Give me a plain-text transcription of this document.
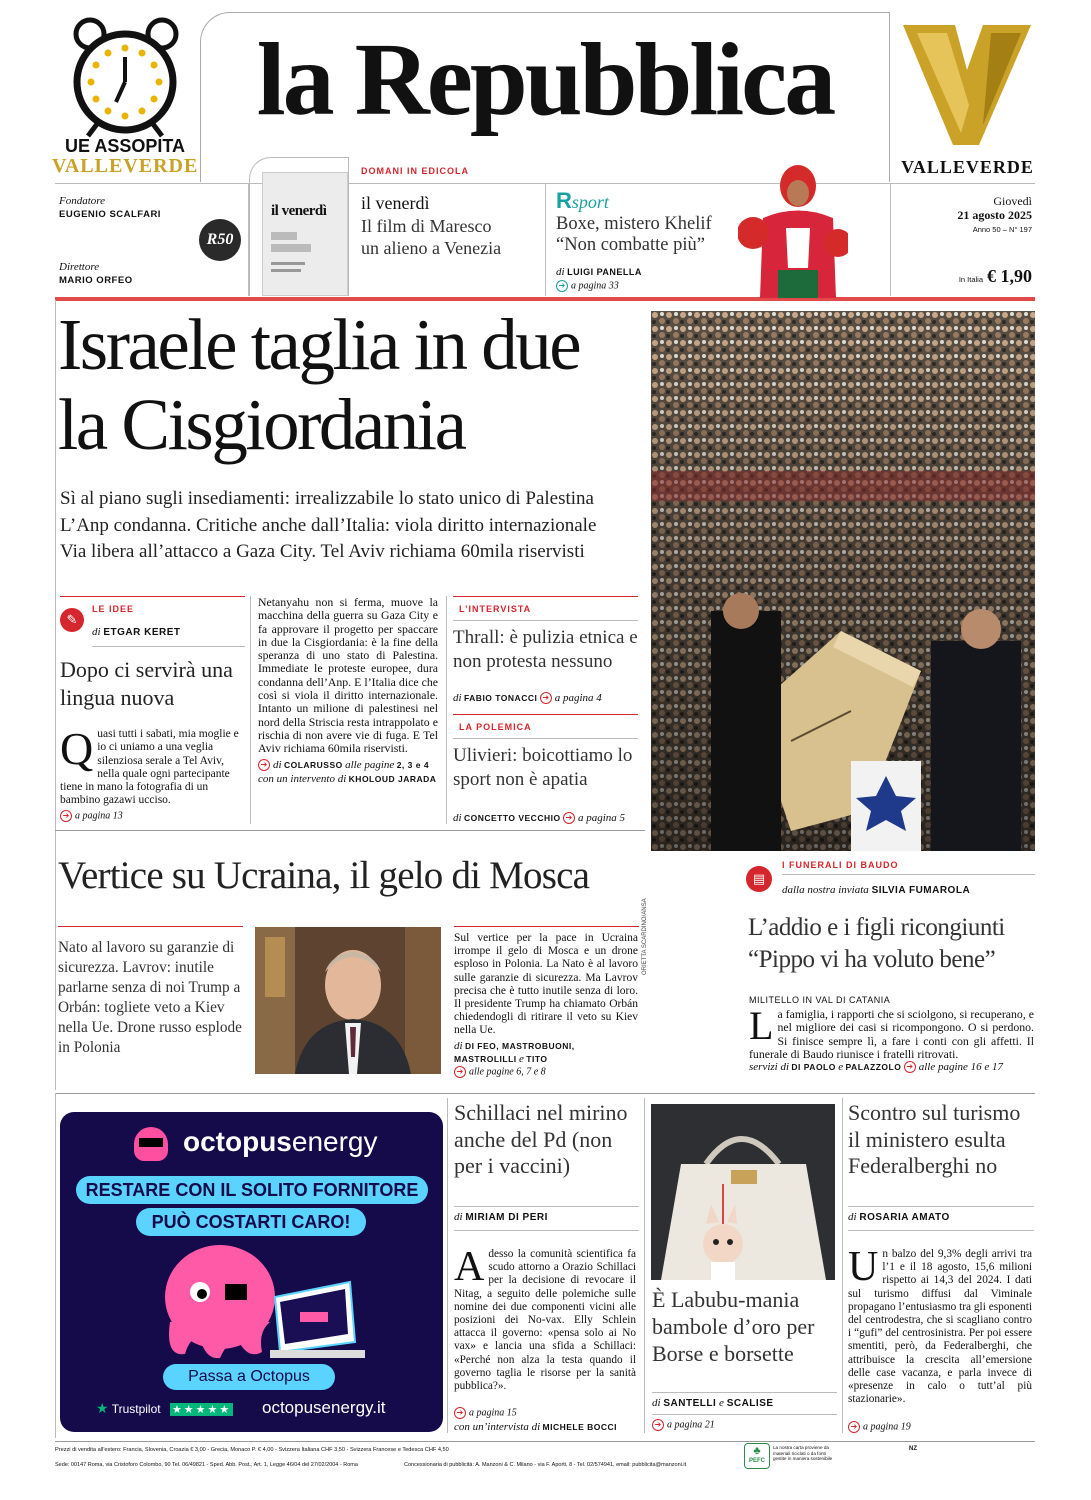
UE ASSOPITA
VALLEVERDE
la Repubblica
VALLEVERDE
Fondatore
EUGENIO SCALFARI
Direttore
MARIO ORFEO
R50
il venerdì
DOMANI IN EDICOLA
il venerdì
Il film di Maresco
un alieno a Venezia
Rsport
Boxe, mistero Khelif
“Non combatte più”
di LUIGI PANELLA
➔ a pagina 33
Giovedì
21 agosto 2025
Anno 50 – N° 197
In Italia € 1,90
Israele taglia in due
la Cisgiordania
Sì al piano sugli insediamenti: irrealizzabile lo stato unico di Palestina
L’Anp condanna. Critiche anche dall’Italia: viola diritto internazionale
Via libera all’attacco a Gaza City. Tel Aviv richiama 60mila riservisti
✎
LE IDEE
di ETGAR KERET
Dopo ci servirà una lingua nuova
Quasi tutti i sabati, mia moglie e io ci uniamo a una veglia silenziosa serale a Tel Aviv, nella quale ogni partecipante tiene in mano la fotografia di un bambino gazawi ucciso.
➔ a pagina 13
Netanyahu non si ferma, muove la macchina della guerra su Gaza City e fa approvare il progetto per spaccare in due la Cisgiordania: è la fine della speranza di uno stato di Palestina. Immediate le proteste europee, dura condanna dell’Anp. E l’Italia dice che così si viola il diritto internazionale. Intanto un milione di palestinesi nel nord della Striscia resta intrappolato e rischia di non avere vie di fuga. E Tel Aviv richiama 60mila riservisti.
➔ di COLARUSSO alle pagine 2, 3 e 4
con un intervento di KHOLOUD JARADA
L’INTERVISTA
Thrall: è pulizia etnica e non protesta nessuno
di FABIO TONACCI ➔ a pagina 4
LA POLEMICA
Ulivieri: boicottiamo lo sport non è apatia
di CONCETTO VECCHIO ➔ a pagina 5
ORIETTA SCARDINO/ANSA
▤
I FUNERALI DI BAUDO
dalla nostra inviata SILVIA FUMAROLA
L’addio e i figli ricongiunti
“Pippo vi ha voluto bene”
MILITELLO IN VAL DI CATANIA
La famiglia, i rapporti che si sciolgono, si recuperano, e nel migliore dei casi si ricompongono. O si perdono. Si finisce sempre lì, a fare i conti con gli affetti. Il funerale di Baudo riunisce i fratelli ritrovati.
servizi di DI PAOLO e PALAZZOLO ➔ alle pagine 16 e 17
Vertice su Ucraina, il gelo di Mosca
Nato al lavoro su garanzie di sicurezza. Lavrov: inutile parlarne senza di noi Trump a Orbán: togliete veto a Kiev nella Ue. Drone russo esplode in Polonia
Sul vertice per la pace in Ucraina irrompe il gelo di Mosca e un drone esploso in Polonia. La Nato è al lavoro sulle garanzie di sicurezza. Ma Lavrov precisa che è tutto inutile senza di loro. Il presidente Trump ha chiamato Orbán chiedendogli di ritirare il veto su Kiev nella Ue.
di DI FEO, MASTROBUONI, MASTROLILLI e TITO
➔ alle pagine 6, 7 e 8
octopusenergy
RESTARE CON IL SOLITO FORNITORE
PUÒ COSTARTI CARO!
Passa a Octopus
★ Trustpilot ★★★★★ octopusenergy.it
Schillaci nel mirino anche del Pd (non per i vaccini)
di MIRIAM DI PERI
Adesso la comunità scientifica fa scudo attorno a Orazio Schillaci per la decisione di revocare il Nitag, a seguito delle polemiche sulle nomine dei due componenti vicini alle posizioni dei No-vax. Elly Schlein attacca il governo: «pensa solo ai No vax» e lancia una sfida a Schillaci: «Perché non alza la testa quando il governo taglia le risorse per la sanità pubblica?».
➔ a pagina 15
con un’intervista di MICHELE BOCCI
È Labubu-mania bambole d’oro per Borse e borsette
di SANTELLI e SCALISE
➔ a pagina 21
Scontro sul turismo il ministero esulta Federalberghi no
di ROSARIA AMATO
Un balzo del 9,3% degli arrivi tra l’1 e il 18 agosto, 15,6 milioni rispetto ai 14,3 del 2024. I dati sul turismo diffusi dal Viminale propagano l’entusiasmo tra gli esponenti del centrodestra, che si scagliano contro i “gufi” del centrosinistra. Per poi essere smentiti, però, da Federalberghi, che attribuisce la crescita all’emersione delle case vacanza, e parla invece di «presenze in calo o tutt’al più stazionarie».
➔ a pagina 19
Prezzi di vendita all’estero: Francia, Slovenia, Croazia € 3,00 - Grecia, Monaco P. € 4,00 - Svizzera Italiana CHF 3,50 - Svizzera Francese e Tedesca CHF 4,50
Sede: 00147 Roma, via Cristoforo Colombo, 90 Tel. 06/49821 - Sped. Abb. Post., Art. 1, Legge 46/04 del 27/02/2004 - Roma	Concessionaria di pubblicità: A. Manzoni & C. Milano - via F. Aporti, 8 - Tel. 02/574941, email: pubblicita@manzoni.it
♣
PEFC
La nostra carta proviene da materiali riciclati o da fonti gestite in maniera sostenibile
NZ
